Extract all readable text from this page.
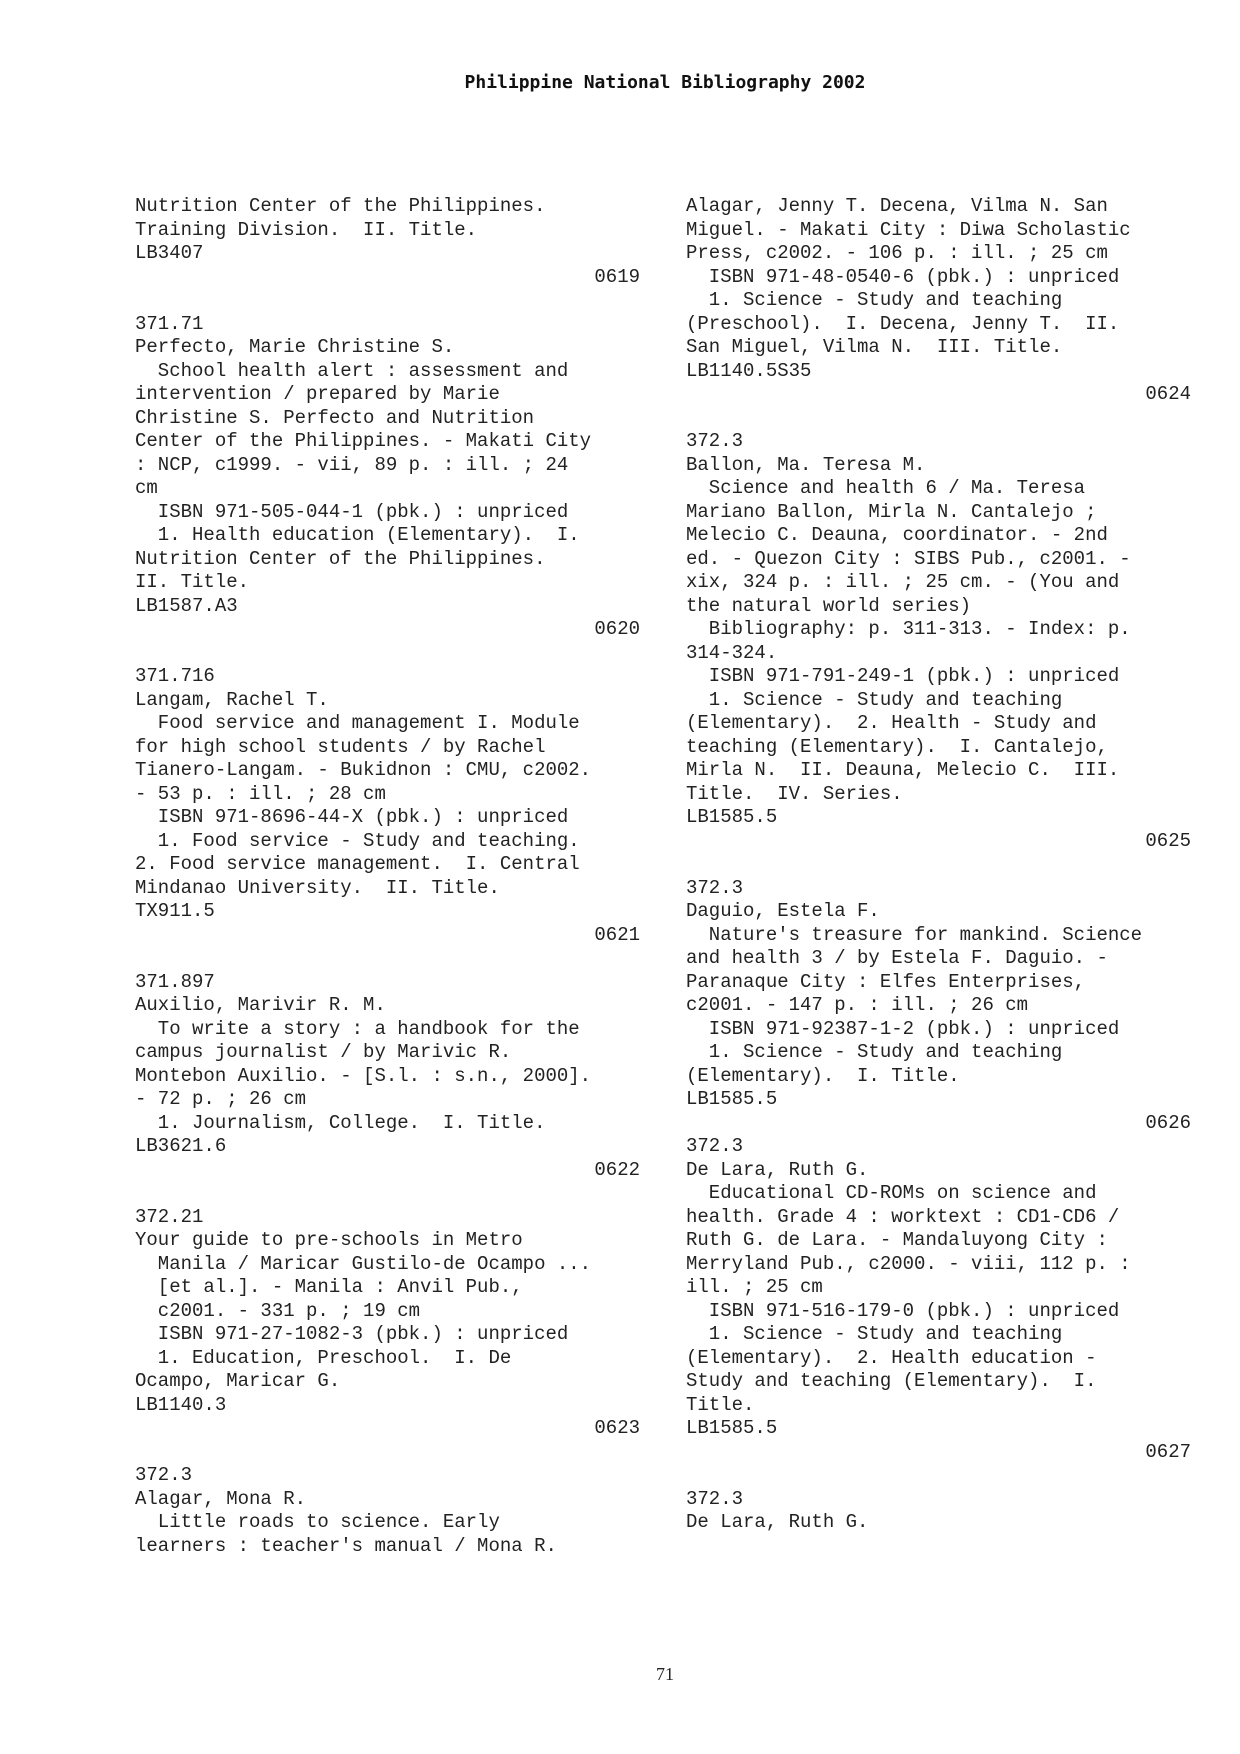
Philippine National Bibliography 2002
Nutrition Center of the Philippines.
Training Division.  II. Title.
LB3407
0619
371.71
Perfecto, Marie Christine S.
School health alert : assessment and
intervention / prepared by Marie
Christine S. Perfecto and Nutrition
Center of the Philippines. - Makati City
: NCP, c1999. - vii, 89 p. : ill. ; 24
cm
ISBN 971-505-044-1 (pbk.) : unpriced
1. Health education (Elementary).  I.
Nutrition Center of the Philippines.
II. Title.
LB1587.A3
0620
371.716
Langam, Rachel T.
Food service and management I. Module
for high school students / by Rachel
Tianero-Langam. - Bukidnon : CMU, c2002.
- 53 p. : ill. ; 28 cm
ISBN 971-8696-44-X (pbk.) : unpriced
1. Food service - Study and teaching.
2. Food service management.  I. Central
Mindanao University.  II. Title.
TX911.5
0621
371.897
Auxilio, Marivir R. M.
To write a story : a handbook for the
campus journalist / by Marivic R.
Montebon Auxilio. - [S.l. : s.n., 2000].
- 72 p. ; 26 cm
1. Journalism, College.  I. Title.
LB3621.6
0622
372.21
Your guide to pre-schools in Metro
Manila / Maricar Gustilo-de Ocampo ...
[et al.]. - Manila : Anvil Pub.,
c2001. - 331 p. ; 19 cm
ISBN 971-27-1082-3 (pbk.) : unpriced
1. Education, Preschool.  I. De
Ocampo, Maricar G.
LB1140.3
0623
372.3
Alagar, Mona R.
Little roads to science. Early
learners : teacher's manual / Mona R.
Alagar, Jenny T. Decena, Vilma N. San
Miguel. - Makati City : Diwa Scholastic
Press, c2002. - 106 p. : ill. ; 25 cm
ISBN 971-48-0540-6 (pbk.) : unpriced
1. Science - Study and teaching
(Preschool).  I. Decena, Jenny T.  II.
San Miguel, Vilma N.  III. Title.
LB1140.5S35
0624
372.3
Ballon, Ma. Teresa M.
Science and health 6 / Ma. Teresa
Mariano Ballon, Mirla N. Cantalejo ;
Melecio C. Deauna, coordinator. - 2nd
ed. - Quezon City : SIBS Pub., c2001. -
xix, 324 p. : ill. ; 25 cm. - (You and
the natural world series)
Bibliography: p. 311-313. - Index: p.
314-324.
ISBN 971-791-249-1 (pbk.) : unpriced
1. Science - Study and teaching
(Elementary).  2. Health - Study and
teaching (Elementary).  I. Cantalejo,
Mirla N.  II. Deauna, Melecio C.  III.
Title.  IV. Series.
LB1585.5
0625
372.3
Daguio, Estela F.
Nature's treasure for mankind. Science
and health 3 / by Estela F. Daguio. -
Paranaque City : Elfes Enterprises,
c2001. - 147 p. : ill. ; 26 cm
ISBN 971-92387-1-2 (pbk.) : unpriced
1. Science - Study and teaching
(Elementary).  I. Title.
LB1585.5
0626
372.3
De Lara, Ruth G.
Educational CD-ROMs on science and
health. Grade 4 : worktext : CD1-CD6 /
Ruth G. de Lara. - Mandaluyong City :
Merryland Pub., c2000. - viii, 112 p. :
ill. ; 25 cm
ISBN 971-516-179-0 (pbk.) : unpriced
1. Science - Study and teaching
(Elementary).  2. Health education -
Study and teaching (Elementary).  I.
Title.
LB1585.5
0627
372.3
De Lara, Ruth G.
71
